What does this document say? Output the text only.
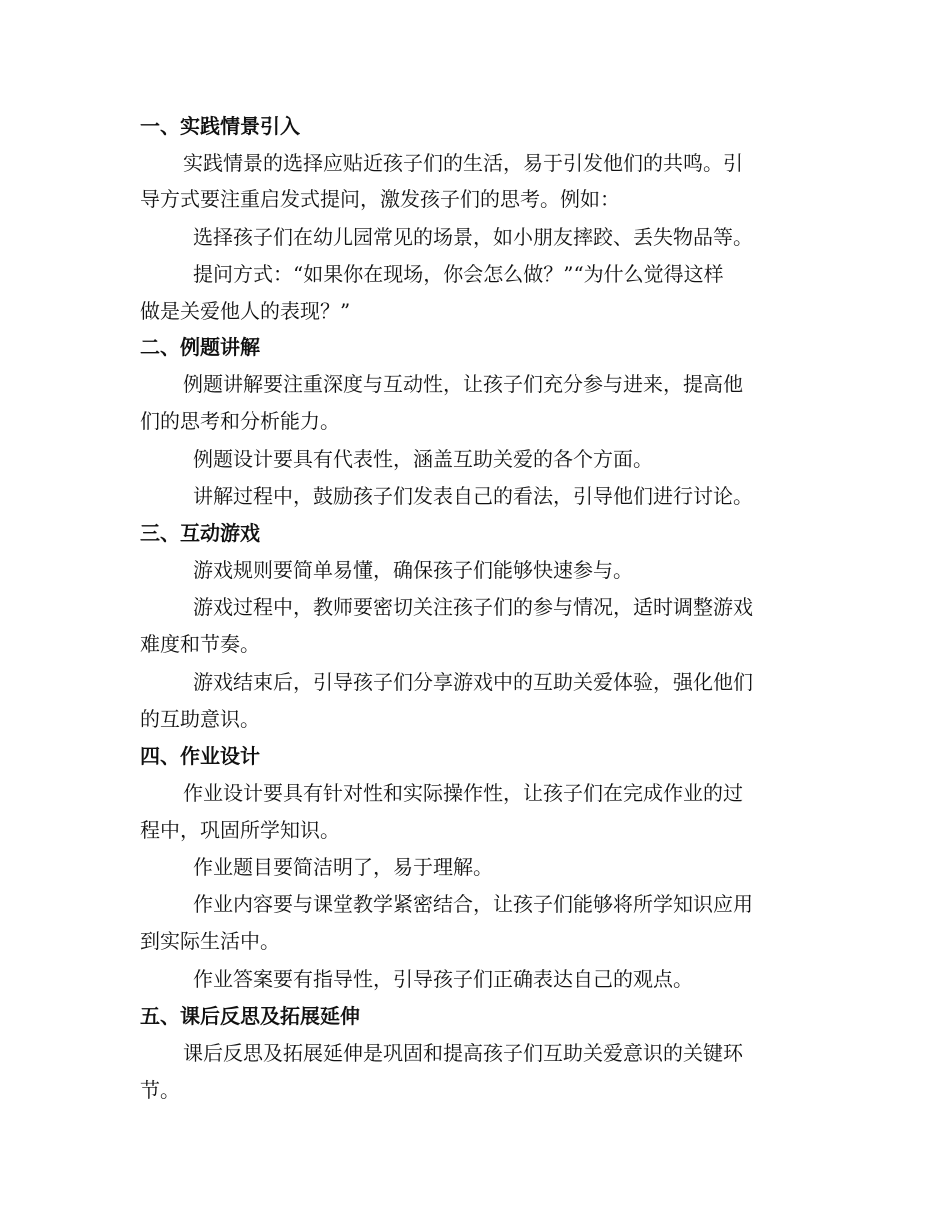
一、实践情景引入
实践情景的选择应贴近孩子们的生活，易于引发他们的共鸣。引
导方式要注重启发式提问，激发孩子们的思考。例如：
选择孩子们在幼儿园常见的场景，如小朋友摔跤、丢失物品等。
提问方式：“如果你在现场，你会怎么做？”“为什么觉得这样
做是关爱他人的表现？”
二、例题讲解
例题讲解要注重深度与互动性，让孩子们充分参与进来，提高他
们的思考和分析能力。
例题设计要具有代表性，涵盖互助关爱的各个方面。
讲解过程中，鼓励孩子们发表自己的看法，引导他们进行讨论。
三、互动游戏
游戏规则要简单易懂，确保孩子们能够快速参与。
游戏过程中，教师要密切关注孩子们的参与情况，适时调整游戏
难度和节奏。
游戏结束后，引导孩子们分享游戏中的互助关爱体验，强化他们
的互助意识。
四、作业设计
作业设计要具有针对性和实际操作性，让孩子们在完成作业的过
程中，巩固所学知识。
作业题目要简洁明了，易于理解。
作业内容要与课堂教学紧密结合，让孩子们能够将所学知识应用
到实际生活中。
作业答案要有指导性，引导孩子们正确表达自己的观点。
五、课后反思及拓展延伸
课后反思及拓展延伸是巩固和提高孩子们互助关爱意识的关键环
节。
